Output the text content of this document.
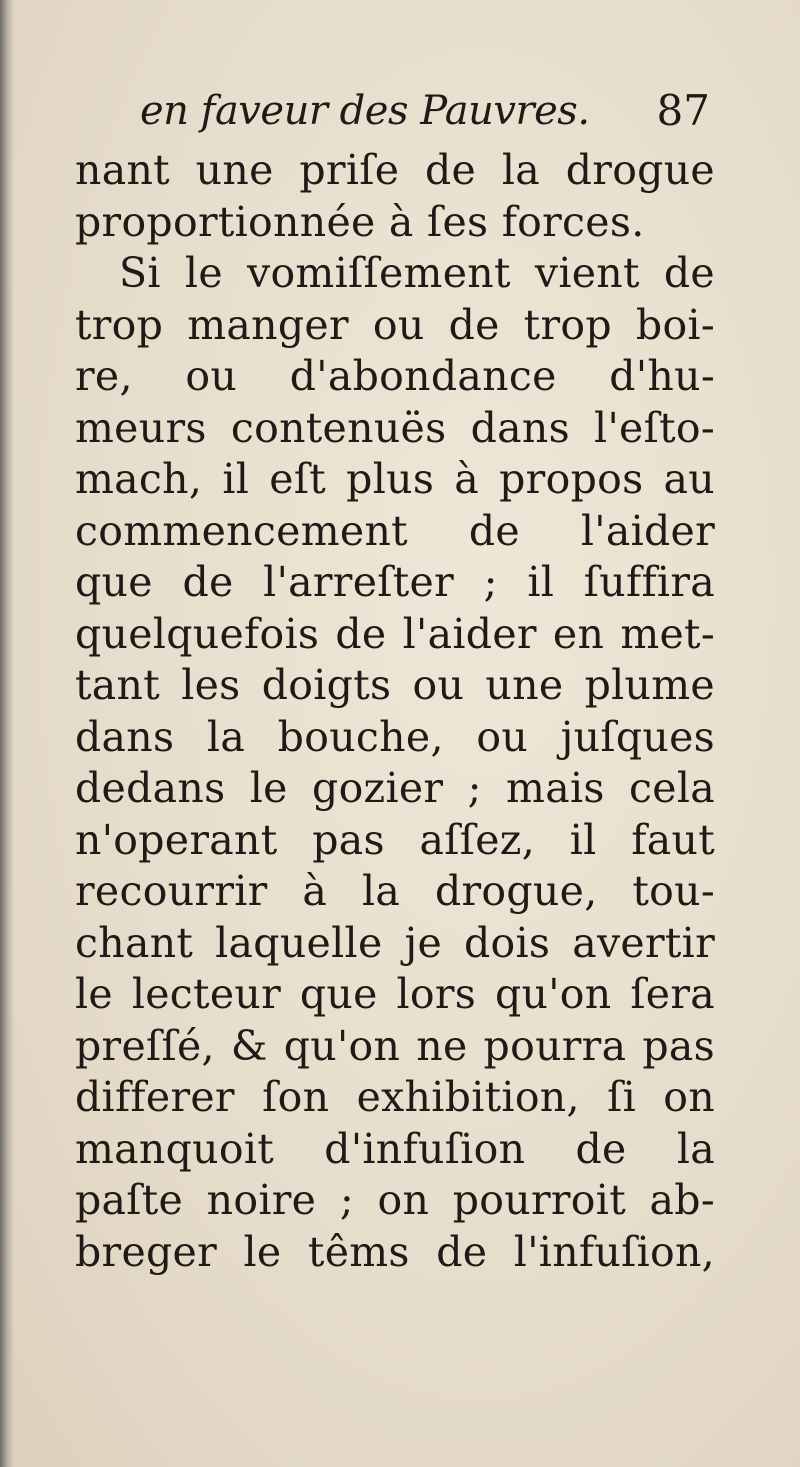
en faveur des Pauvres. 87
nant une priſe de la drogue
proportionnée à ſes forces.
Si le vomiſſement vient de
trop manger ou de trop boi-
re, ou d'abondance d'hu-
meurs contenuës dans l'eſto-
mach, il eſt plus à propos au
commencement de l'aider
que de l'arreſter ; il ſuffira
quelquefois de l'aider en met-
tant les doigts ou une plume
dans la bouche, ou juſques
dedans le gozier ; mais cela
n'operant pas aſſez, il faut
recourrir à la drogue, tou-
chant laquelle je dois avertir
le lecteur que lors qu'on ſera
preſſé, & qu'on ne pourra pas
differer ſon exhibition, ſi on
manquoit d'infuſion de la
paſte noire ; on pourroit ab-
breger le têms de l'infuſion,
